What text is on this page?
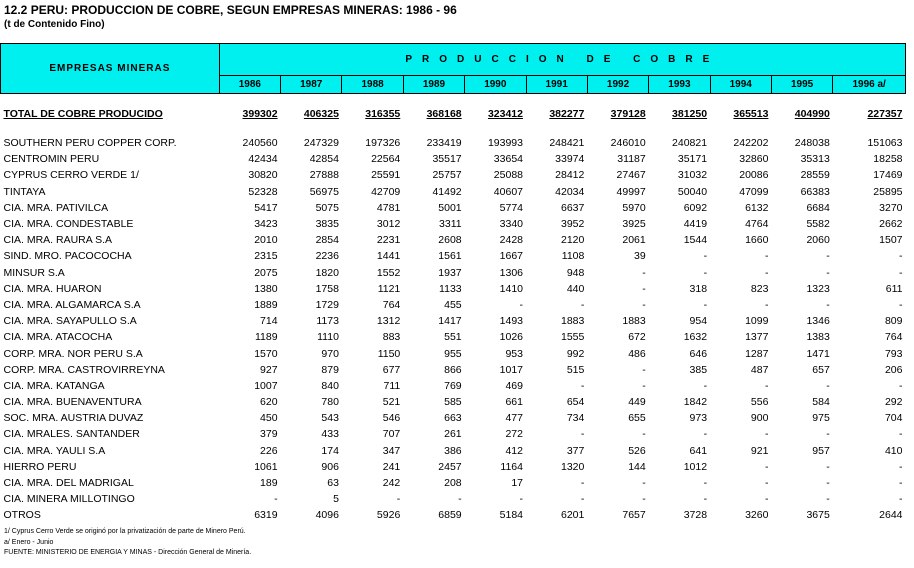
12.2 PERU: PRODUCCION DE COBRE, SEGUN EMPRESAS MINERAS: 1986 - 96
(t de Contenido Fino)
EMPRESAS MINERAS	PRODUCCION DE COBRE										
	1986	1987	1988	1989	1990	1991	1992	1993	1994	1995	1996 a/

TOTAL DE COBRE PRODUCIDO	399302	406325	316355	368168	323412	382277	379128	381250	365513	404990	227357

SOUTHERN PERU COPPER CORP.	240560	247329	197326	233419	193993	248421	246010	240821	242202	248038	151063
CENTROMIN PERU	42434	42854	22564	35517	33654	33974	31187	35171	32860	35313	18258
CYPRUS CERRO VERDE 1/	30820	27888	25591	25757	25088	28412	27467	31032	20086	28559	17469
TINTAYA	52328	56975	42709	41492	40607	42034	49997	50040	47099	66383	25895
CIA. MRA. PATIVILCA	5417	5075	4781	5001	5774	6637	5970	6092	6132	6684	3270
CIA. MRA. CONDESTABLE	3423	3835	3012	3311	3340	3952	3925	4419	4764	5582	2662
CIA. MRA. RAURA S.A	2010	2854	2231	2608	2428	2120	2061	1544	1660	2060	1507
SIND. MRO. PACOCOCHA	2315	2236	1441	1561	1667	1108	39	-	-	-	-
MINSUR S.A	2075	1820	1552	1937	1306	948	-	-	-	-	-
CIA. MRA. HUARON	1380	1758	1121	1133	1410	440	-	318	823	1323	611
CIA. MRA. ALGAMARCA S.A	1889	1729	764	455	-	-	-	-	-	-	-
CIA. MRA. SAYAPULLO S.A	714	1173	1312	1417	1493	1883	1883	954	1099	1346	809
CIA. MRA. ATACOCHA	1189	1110	883	551	1026	1555	672	1632	1377	1383	764
CORP. MRA. NOR PERU S.A	1570	970	1150	955	953	992	486	646	1287	1471	793
CORP. MRA. CASTROVIRREYNA	927	879	677	866	1017	515	-	385	487	657	206
CIA. MRA. KATANGA	1007	840	711	769	469	-	-	-	-	-	-
CIA. MRA. BUENAVENTURA	620	780	521	585	661	654	449	1842	556	584	292
SOC. MRA. AUSTRIA DUVAZ	450	543	546	663	477	734	655	973	900	975	704
CIA. MRALES. SANTANDER	379	433	707	261	272	-	-	-	-	-	-
CIA. MRA. YAULI S.A	226	174	347	386	412	377	526	641	921	957	410
HIERRO PERU	1061	906	241	2457	1164	1320	144	1012	-	-	-
CIA. MRA. DEL MADRIGAL	189	63	242	208	17	-	-	-	-	-	-
CIA. MINERA MILLOTINGO	-	5	-	-	-	-	-	-	-	-	-
OTROS	6319	4096	5926	6859	5184	6201	7657	3728	3260	3675	2644
1/ Cyprus Cerro Verde se originó por la privatización de parte de Minero Perú.
a/ Enero - Junio
FUENTE: MINISTERIO DE ENERGIA Y MINAS - Dirección General de Minería.
